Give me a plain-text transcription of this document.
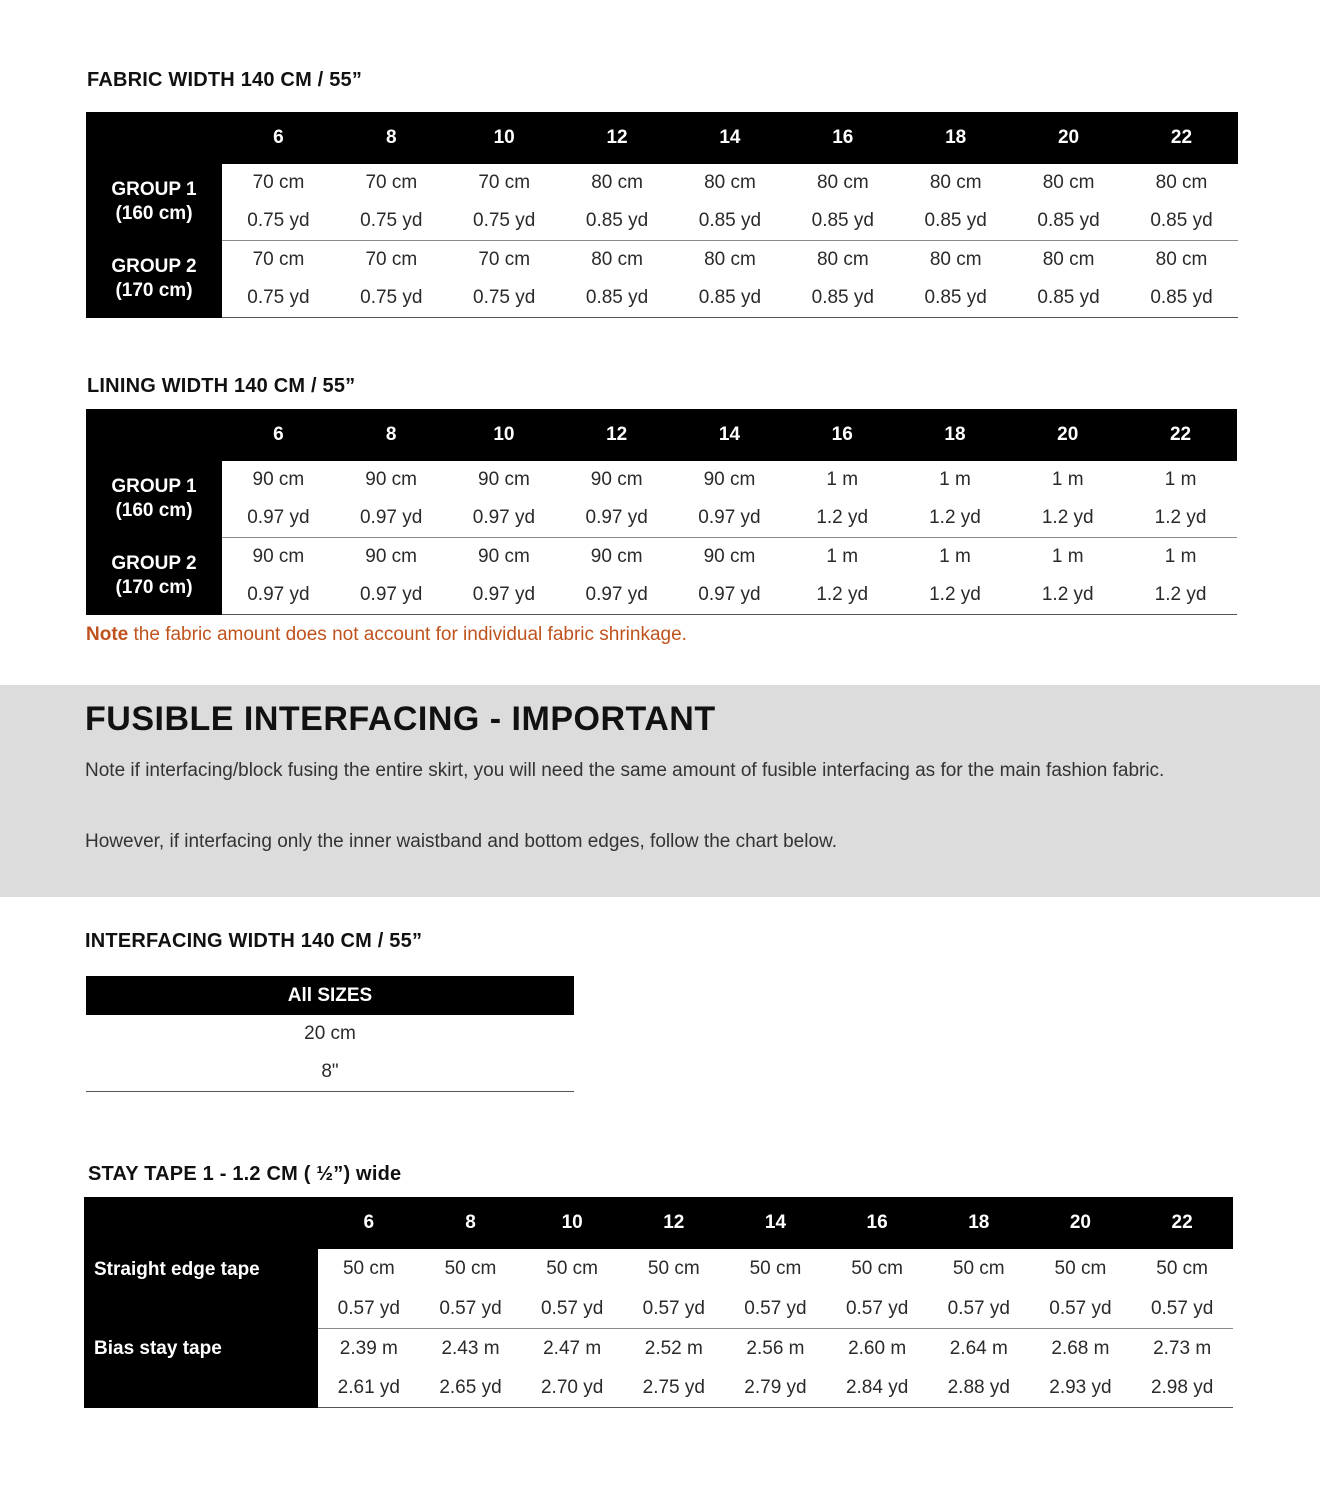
FABRIC WIDTH 140 CM / 55”
	6	8	10	12	14	16	18	20	22

GROUP 1
(160 cm)	70 cm	70 cm	70 cm	80 cm	80 cm	80 cm	80 cm	80 cm	80 cm
	0.75 yd	0.75 yd	0.75 yd	0.85 yd	0.85 yd	0.85 yd	0.85 yd	0.85 yd	0.85 yd

GROUP 2
(170 cm)	70 cm	70 cm	70 cm	80 cm	80 cm	80 cm	80 cm	80 cm	80 cm
	0.75 yd	0.75 yd	0.75 yd	0.85 yd	0.85 yd	0.85 yd	0.85 yd	0.85 yd	0.85 yd
LINING WIDTH 140 CM / 55”
	6	8	10	12	14	16	18	20	22

GROUP 1
(160 cm)	90 cm	90 cm	90 cm	90 cm	90 cm	1 m	1 m	1 m	1 m
	0.97 yd	0.97 yd	0.97 yd	0.97 yd	0.97 yd	1.2 yd	1.2 yd	1.2 yd	1.2 yd

GROUP 2
(170 cm)	90 cm	90 cm	90 cm	90 cm	90 cm	1 m	1 m	1 m	1 m
	0.97 yd	0.97 yd	0.97 yd	0.97 yd	0.97 yd	1.2 yd	1.2 yd	1.2 yd	1.2 yd

Note the fabric amount does not account for individual fabric shrinkage.

FUSIBLE INTERFACING - IMPORTANT

Note if interfacing/block fusing the entire skirt, you will need the same amount of fusible interfacing as for the main fashion fabric.

However, if interfacing only the inner waistband and bottom edges, follow the chart below.

INTERFACING WIDTH 140 CM / 55”
All SIZES
20 cm
8"
STAY TAPE 1 - 1.2 CM ( ½”) wide
	6	8	10	12	14	16	18	20	22
Straight edge tape	50 cm	50 cm	50 cm	50 cm	50 cm	50 cm	50 cm	50 cm	50 cm
	0.57 yd	0.57 yd	0.57 yd	0.57 yd	0.57 yd	0.57 yd	0.57 yd	0.57 yd	0.57 yd
Bias stay tape	2.39 m	2.43 m	2.47 m	2.52 m	2.56 m	2.60 m	2.64 m	2.68 m	2.73 m
	2.61 yd	2.65 yd	2.70 yd	2.75 yd	2.79 yd	2.84 yd	2.88 yd	2.93 yd	2.98 yd
